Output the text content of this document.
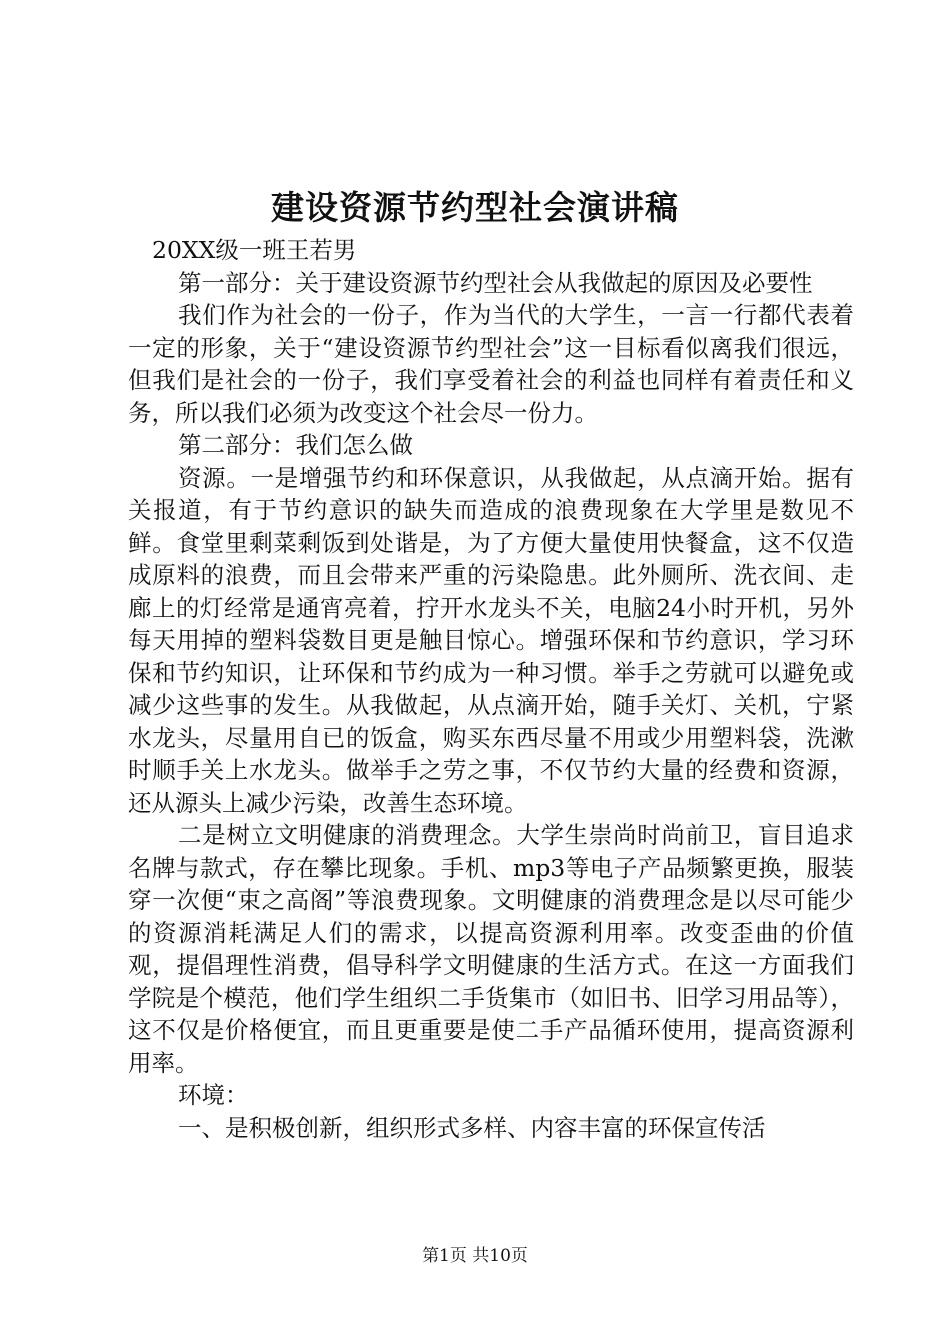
建设资源节约型社会演讲稿

20XX级一班王若男

第一部分：关于建设资源节约型社会从我做起的原因及必要性

我们作为社会的一份子，作为当代的大学生，一言一行都代表着一定的形象，关于“建设资源节约型社会”这一目标看似离我们很远，但我们是社会的一份子，我们享受着社会的利益也同样有着责任和义务，所以我们必须为改变这个社会尽一份力。

第二部分：我们怎么做

资源。一是增强节约和环保意识，从我做起，从点滴开始。据有关报道，有于节约意识的缺失而造成的浪费现象在大学里是数见不鲜。食堂里剩菜剩饭到处谐是，为了方便大量使用快餐盒，这不仅造成原料的浪费，而且会带来严重的污染隐患。此外厕所、洗衣间、走廊上的灯经常是通宵亮着，拧开水龙头不关，电脑24小时开机，另外每天用掉的塑料袋数目更是触目惊心。增强环保和节约意识，学习环保和节约知识，让环保和节约成为一种习惯。举手之劳就可以避免或减少这些事的发生。从我做起，从点滴开始，随手关灯、关机，宁紧水龙头，尽量用自已的饭盒，购买东西尽量不用或少用塑料袋，洗漱时顺手关上水龙头。做举手之劳之事，不仅节约大量的经费和资源，还从源头上减少污染，改善生态环境。

二是树立文明健康的消费理念。大学生崇尚时尚前卫，盲目追求名牌与款式，存在攀比现象。手机、mp3等电子产品频繁更换，服装穿一次便“束之高阁”等浪费现象。文明健康的消费理念是以尽可能少的资源消耗满足人们的需求，以提高资源利用率。改变歪曲的价值观，提倡理性消费，倡导科学文明健康的生活方式。在这一方面我们学院是个模范，他们学生组织二手货集市（如旧书、旧学习用品等），这不仅是价格便宜，而且更重要是使二手产品循环使用，提高资源利用率。

环境：

一、是积极创新，组织形式多样、内容丰富的环保宣传活

第1页 共10页
